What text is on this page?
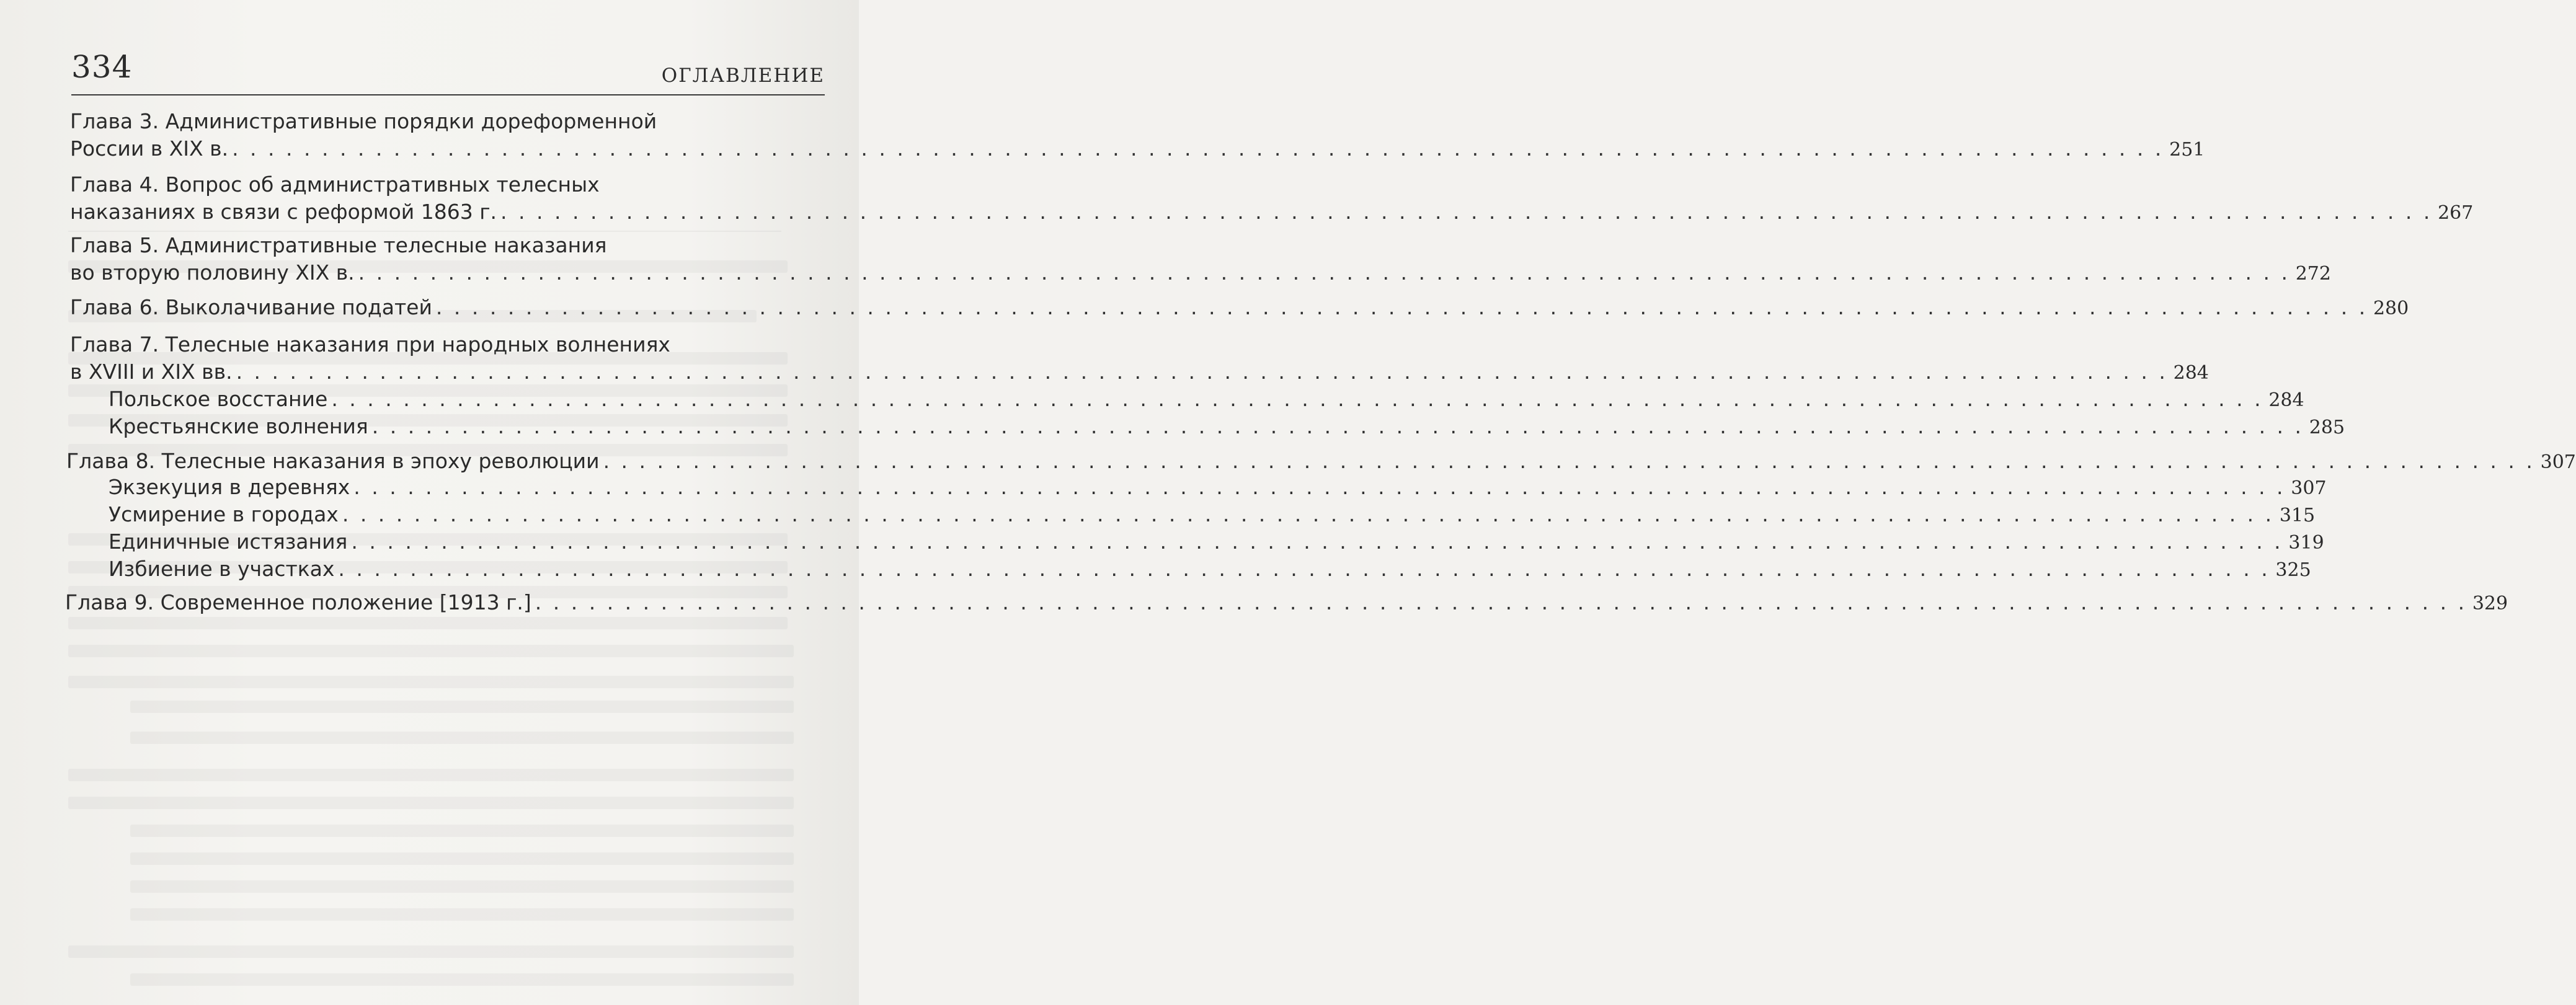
334	ОГЛАВЛЕНИЕ
Глава 3. Административные порядки дореформенной
России в XIX в. . . .	251
Глава 4. Вопрос об административных телесных
наказаниях в связи с реформой 1863 г. . . .	267
Глава 5. Административные телесные наказания
во вторую половину XIX в. . . .	272
Глава 6. Выколачивание податей . . .	280
Глава 7. Телесные наказания при народных волнениях
в XVIII и XIX вв. . . .	284
Польское восстание . . .	284
Крестьянские волнения . . .	285
Глава 8. Телесные наказания в эпоху революции . . .	307
Экзекуция в деревнях . . .	307
Усмирение в городах . . .	315
Единичные истязания . . .	319
Избиение в участках . . .	325
Глава 9. Современное положение [1913 г.] . . .	329
